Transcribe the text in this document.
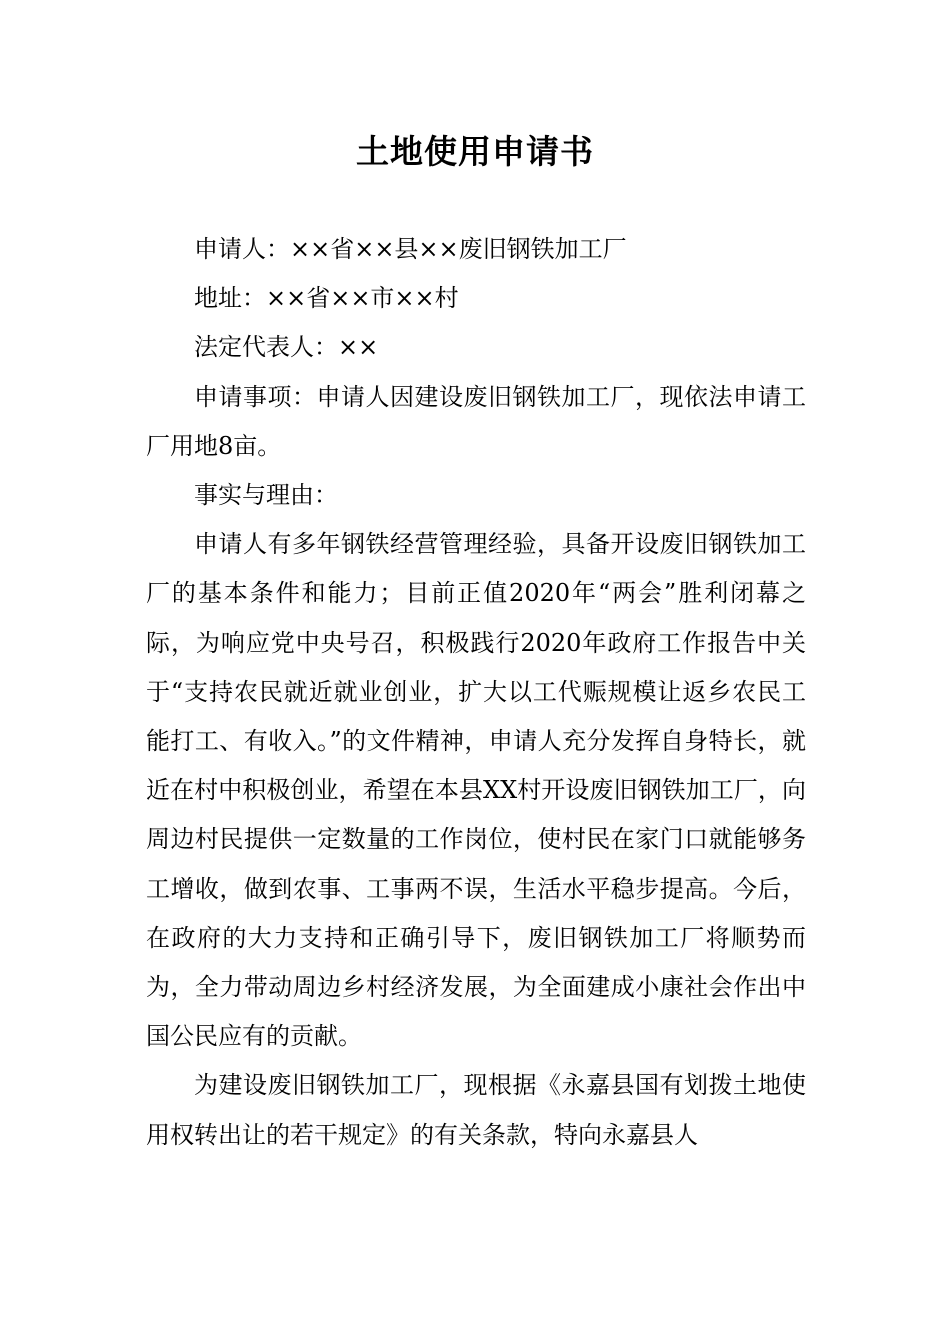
土地使用申请书

申请人：××省××县××废旧钢铁加工厂

地址：××省××市××村

法定代表人：××

申请事项：申请人因建设废旧钢铁加工厂，现依法申请工厂用地8亩。

事实与理由：

申请人有多年钢铁经营管理经验，具备开设废旧钢铁加工厂的基本条件和能力；目前正值2020年“两会”胜利闭幕之际，为响应党中央号召，积极践行2020年政府工作报告中关于“支持农民就近就业创业，扩大以工代赈规模让返乡农民工能打工、有收入。”的文件精神，申请人充分发挥自身特长，就近在村中积极创业，希望在本县XX村开设废旧钢铁加工厂，向周边村民提供一定数量的工作岗位，使村民在家门口就能够务工增收，做到农事、工事两不误，生活水平稳步提高。今后，在政府的大力支持和正确引导下，废旧钢铁加工厂将顺势而为，全力带动周边乡村经济发展，为全面建成小康社会作出中国公民应有的贡献。

为建设废旧钢铁加工厂，现根据《永嘉县国有划拨土地使用权转出让的若干规定》的有关条款，特向永嘉县人
